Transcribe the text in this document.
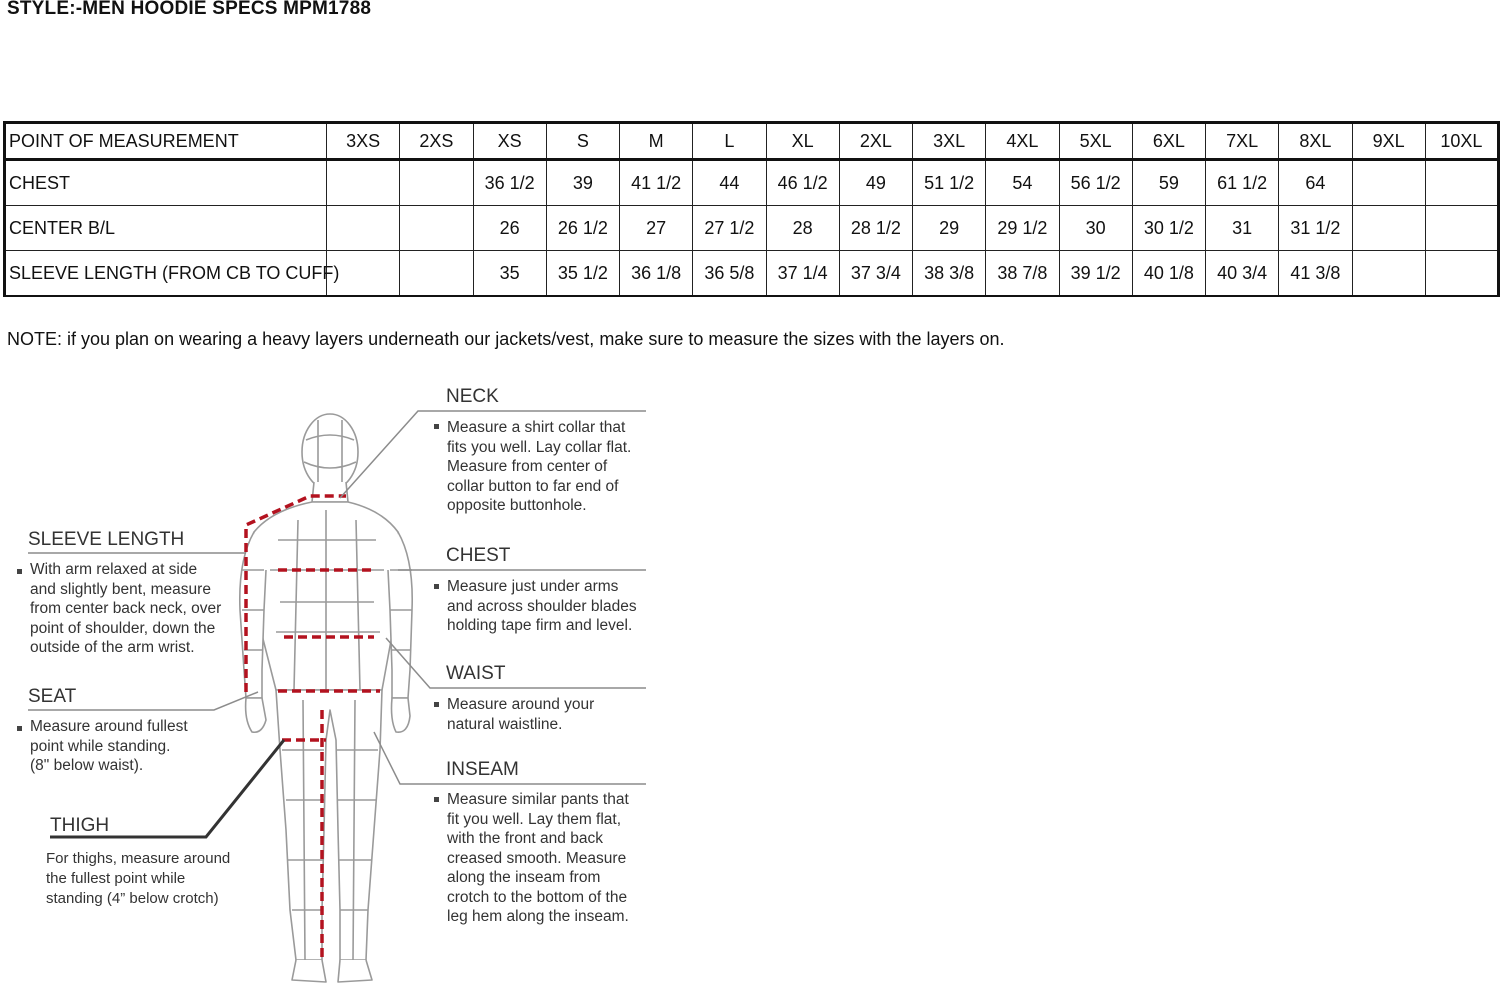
STYLE:-MEN HOODIE SPECS MPM1788
POINT OF MEASUREMENT	3XS	2XS	XS	S	M	L	XL	2XL	3XL	4XL	5XL	6XL	7XL	8XL	9XL	10XL
CHEST			36 1/2	39	41 1/2	44	46 1/2	49	51 1/2	54	56 1/2	59	61 1/2	64		
CENTER B/L			26	26 1/2	27	27 1/2	28	28 1/2	29	29 1/2	30	30 1/2	31	31 1/2		
SLEEVE LENGTH (FROM CB TO CUFF)			35	35 1/2	36 1/8	36 5/8	37 1/4	37 3/4	38 3/8	38 7/8	39 1/2	40 1/8	40 3/4	41 3/8		
NOTE: if you plan on wearing a heavy layers underneath our jackets/vest, make sure to measure the sizes with the layers on.
NECK
Measure a shirt collar that
fits you well. Lay collar flat.
Measure from center of
collar button to far end of
opposite buttonhole.
CHEST
Measure just under arms
and across shoulder blades
holding tape firm and level.
WAIST
Measure around your
natural waistline.
INSEAM
Measure similar pants that
fit you well. Lay them flat,
with the front and back
creased smooth. Measure
along the inseam from
crotch to the bottom of the
leg hem along the inseam.
SLEEVE LENGTH
With arm relaxed at side
and slightly bent, measure
from center back neck, over
point of shoulder, down the
outside of the arm wrist.
SEAT
Measure around fullest
point while standing.
(8" below waist).
THIGH
For thighs, measure around
the fullest point while
standing (4” below crotch)
